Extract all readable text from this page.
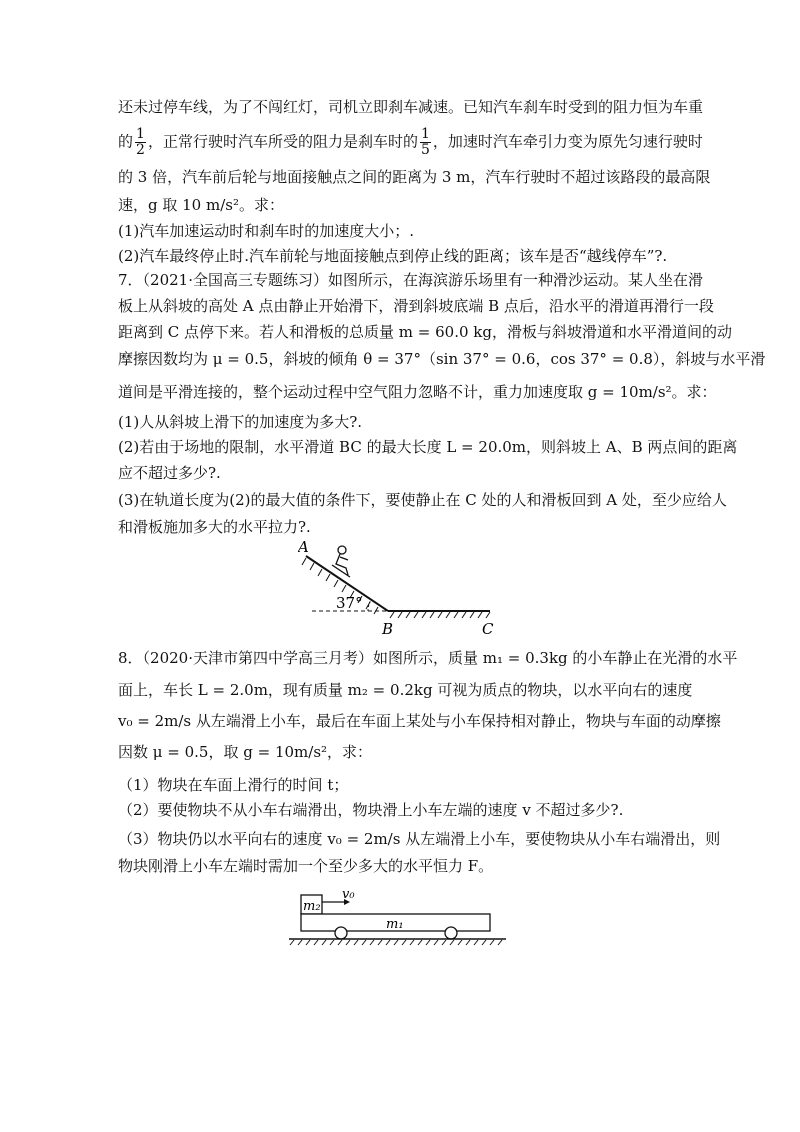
还未过停车线，为了不闯红灯，司机立即刹车减速。已知汽车刹车时受到的阻力恒为车重
的 $\frac{1}{2}$ ，正常行驶时汽车所受的阻力是刹车时的 $\frac{1}{5}$ ，加速时汽车牵引力变为原先匀速行驶时
的 3 倍，汽车前后轮与地面接触点之间的距离为 3 m，汽车行驶时不超过该路段的最高限
速，g 取 10 m/s²。求：
(1)汽车加速运动时和刹车时的加速度大小；.
(2)汽车最终停止时.汽车前轮与地面接触点到停止线的距离；该车是否“越线停车”?.
7．（2021·全国高三专题练习）如图所示，在海滨游乐场里有一种滑沙运动。某人坐在滑
板上从斜坡的高处 A 点由静止开始滑下，滑到斜坡底端 B 点后，沿水平的滑道再滑行一段
距离到 C 点停下来。若人和滑板的总质量 m = 60.0 kg，滑板与斜坡滑道和水平滑道间的动
摩擦因数均为 μ = 0.5，斜坡的倾角 θ = 37°（sin 37° = 0.6，cos 37° = 0.8），斜坡与水平滑
道间是平滑连接的，整个运动过程中空气阻力忽略不计，重力加速度取 g = 10m/s²。求：
(1)人从斜坡上滑下的加速度为多大?.
(2)若由于场地的限制，水平滑道 BC 的最大长度 L = 20.0m，则斜坡上 A、B 两点间的距离
应不超过多少?.
(3)在轨道长度为(2)的最大值的条件下，要使静止在 C 处的人和滑板回到 A 处，至少应给人
和滑板施加多大的水平拉力?.
A
B	C
37°
8．（2020·天津市第四中学高三月考）如图所示，质量 m₁ = 0.3kg 的小车静止在光滑的水平
面上，车长 L = 2.0m，现有质量 m₂ = 0.2kg 可视为质点的物块，以水平向右的速度
v₀ = 2m/s 从左端滑上小车，最后在车面上某处与小车保持相对静止，物块与车面的动摩擦
因数 μ = 0.5，取 g = 10m/s²，求：
（1）物块在车面上滑行的时间 t；
（2）要使物块不从小车右端滑出，物块滑上小车左端的速度 v 不超过多少?.
（3）物块仍以水平向右的速度 v₀ = 2m/s 从左端滑上小车，要使物块从小车右端滑出，则
物块刚滑上小车左端时需加一个至少多大的水平恒力 F。
m₂
v₀
m₁
